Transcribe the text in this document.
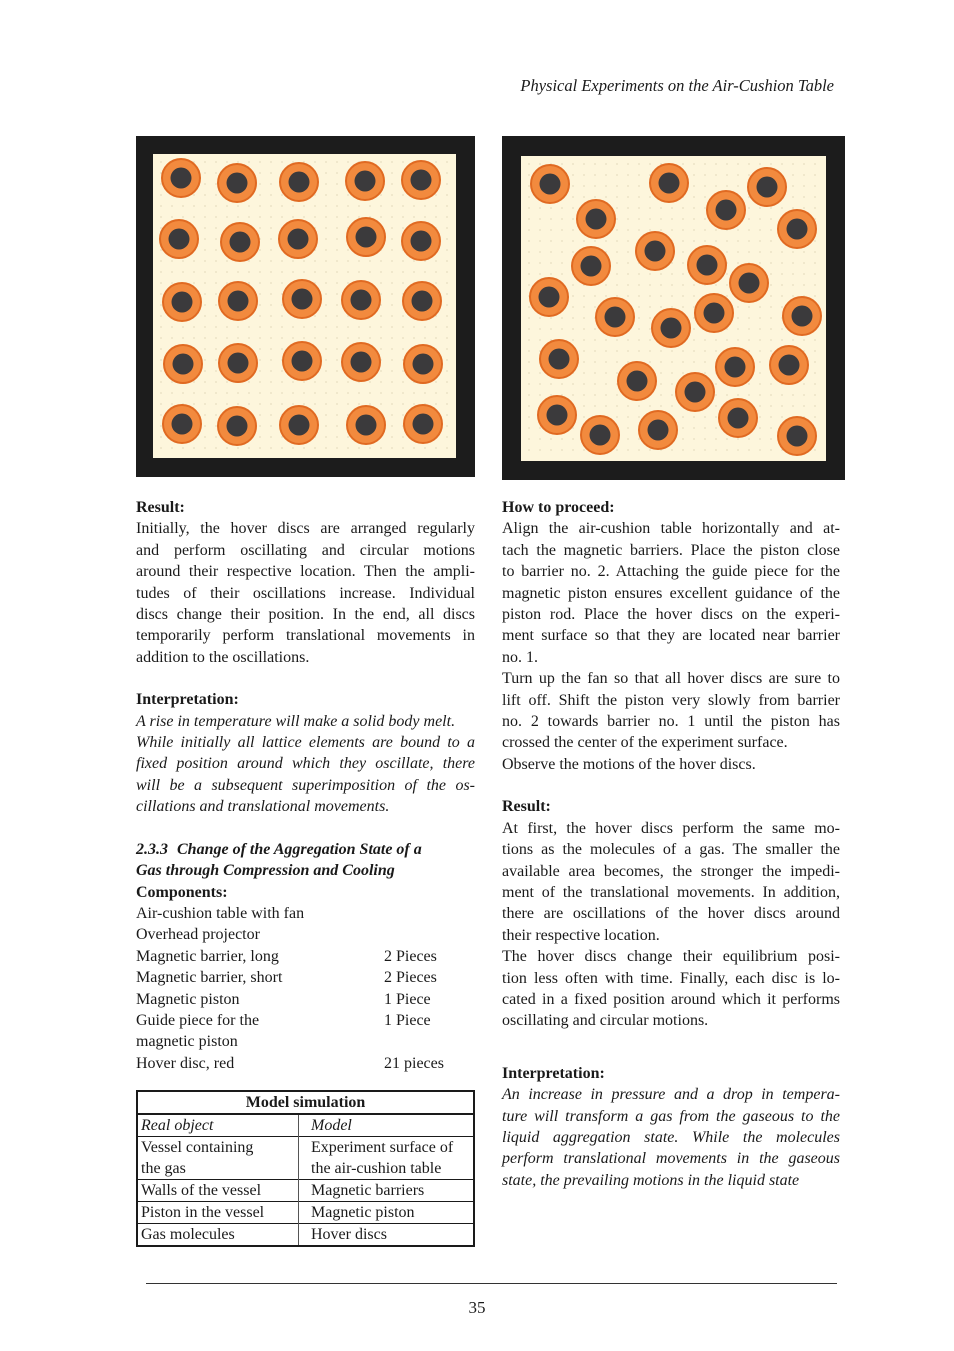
Physical Experiments on the Air-Cushion Table

Result:

Initially, the hover discs are arranged regularly

and perform oscillating and circular motions

around their respective location. Then the ampli-

tudes of their oscillations increase. Individual

discs change their position. In the end, all discs

temporarily perform translational movements in

addition to the oscillations.

Interpretation:

A rise in temperature will make a solid body melt.

While initially all lattice elements are bound to a

fixed position around which they oscillate, there

will be a subsequent superimposition of the os-

cillations and translational movements.

2.3.3 Change of the Aggregation State of a

Gas through Compression and Cooling

Components:

Air-cushion table with fan
Overhead projector
Magnetic barrier, long	2 Pieces
Magnetic barrier, short	2 Pieces
Magnetic piston	1 Piece
Guide piece for the	1 Piece
magnetic piston
Hover disc, red	21 pieces
Model simulation	
Real object	Model
Vessel containing	Experiment surface of
the gas	the air-cushion table
Walls of the vessel	Magnetic barriers
Piston in the vessel	Magnetic piston
Gas molecules	Hover discs

How to proceed:

Align the air-cushion table horizontally and at-

tach the magnetic barriers. Place the piston close

to barrier no. 2. Attaching the guide piece for the

magnetic piston ensures excellent guidance of the

piston rod. Place the hover discs on the experi-

ment surface so that they are located near barrier

no. 1.

Turn up the fan so that all hover discs are sure to

lift off. Shift the piston very slowly from barrier

no. 2 towards barrier no. 1 until the piston has

crossed the center of the experiment surface.

Observe the motions of the hover discs.

Result:

At first, the hover discs perform the same mo-

tions as the molecules of a gas. The smaller the

available area becomes, the stronger the impedi-

ment of the translational movements. In addition,

there are oscillations of the hover discs around

their respective location.

The hover discs change their equilibrium posi-

tion less often with time. Finally, each disc is lo-

cated in a fixed position around which it performs

oscillating and circular motions.

Interpretation:

An increase in pressure and a drop in tempera-

ture will transform a gas from the gaseous to the

liquid aggregation state. While the molecules

perform translational movements in the gaseous

state, the prevailing motions in the liquid state

35
